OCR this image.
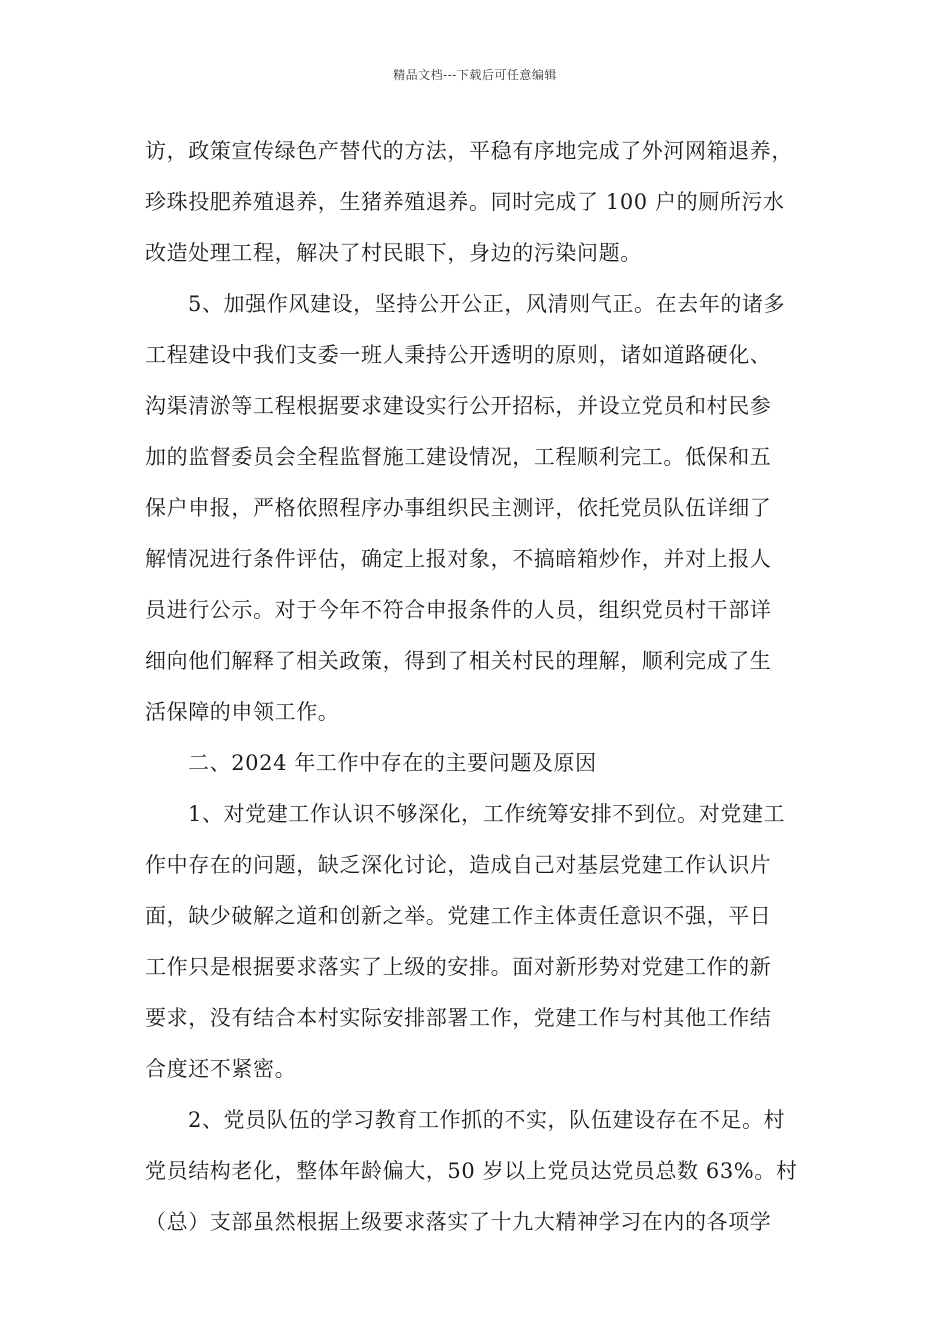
精品文档---下载后可任意编辑
访，政策宣传绿色产替代的方法，平稳有序地完成了外河网箱退养，
珍珠投肥养殖退养，生猪养殖退养。同时完成了 100 户的厕所污水
改造处理工程，解决了村民眼下，身边的污染问题。
5、加强作风建设，坚持公开公正，风清则气正。在去年的诸多
工程建设中我们支委一班人秉持公开透明的原则，诸如道路硬化、
沟渠清淤等工程根据要求建设实行公开招标，并设立党员和村民参
加的监督委员会全程监督施工建设情况，工程顺利完工。低保和五
保户申报，严格依照程序办事组织民主测评，依托党员队伍详细了
解情况进行条件评估，确定上报对象，不搞暗箱炒作，并对上报人
员进行公示。对于今年不符合申报条件的人员，组织党员村干部详
细向他们解释了相关政策，得到了相关村民的理解，顺利完成了生
活保障的申领工作。
二、2024 年工作中存在的主要问题及原因
1、对党建工作认识不够深化，工作统筹安排不到位。对党建工
作中存在的问题，缺乏深化讨论，造成自己对基层党建工作认识片
面，缺少破解之道和创新之举。党建工作主体责任意识不强，平日
工作只是根据要求落实了上级的安排。面对新形势对党建工作的新
要求，没有结合本村实际安排部署工作，党建工作与村其他工作结
合度还不紧密。
2、党员队伍的学习教育工作抓的不实，队伍建设存在不足。村
党员结构老化，整体年龄偏大，50 岁以上党员达党员总数 63%。村
（总）支部虽然根据上级要求落实了十九大精神学习在内的各项学
